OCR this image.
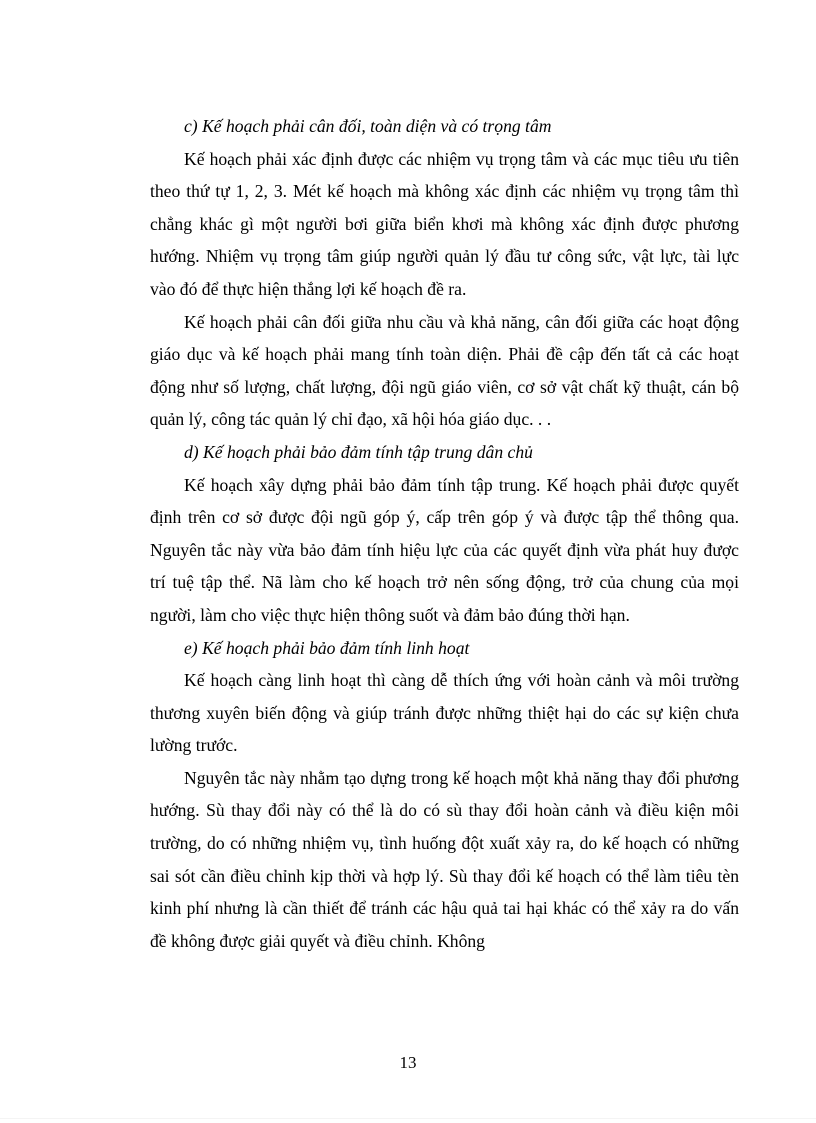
c) Kế hoạch phải cân đối, toàn diện và có trọng tâm

Kế hoạch phải xác định được các nhiệm vụ trọng tâm và các mục tiêu ưu tiên theo thứ tự 1, 2, 3. Mét kế hoạch mà không xác định các nhiệm vụ trọng tâm thì chẳng khác gì một người bơi giữa biển khơi mà không xác định được phương hướng. Nhiệm vụ trọng tâm giúp người quản lý đầu tư công sức, vật lực, tài lực vào đó để thực hiện thắng lợi kế hoạch đề ra.

Kế hoạch phải cân đối giữa nhu cầu và khả năng, cân đối giữa các hoạt động giáo dục và kế hoạch phải mang tính toàn diện. Phải đề cập đến tất cả các hoạt động như số lượng, chất lượng, đội ngũ giáo viên, cơ sở vật chất kỹ thuật, cán bộ quản lý, công tác quản lý chỉ đạo, xã hội hóa giáo dục. . .

d) Kế hoạch phải bảo đảm tính tập trung dân chủ

Kế hoạch xây dựng phải bảo đảm tính tập trung. Kế hoạch phải được quyết định trên cơ sở được đội ngũ góp ý, cấp trên góp ý và được tập thể thông qua. Nguyên tắc này vừa bảo đảm tính hiệu lực của các quyết định vừa phát huy được trí tuệ tập thể. Nã làm cho kế hoạch trở nên sống động, trở của chung của mọi người, làm cho việc thực hiện thông suốt và đảm bảo đúng thời hạn.

e) Kế hoạch phải bảo đảm tính linh hoạt

Kế hoạch càng linh hoạt thì càng dễ thích ứng với hoàn cảnh và môi trường thương xuyên biến động và giúp tránh được những thiệt hại do các sự kiện chưa lường trước.

Nguyên tắc này nhằm tạo dựng trong kế hoạch một khả năng thay đổi phương hướng. Sù thay đổi này có thể là do có sù thay đổi hoàn cảnh và điều kiện môi trường, do có những nhiệm vụ, tình huống đột xuất xảy ra, do kế hoạch có những sai sót cần điều chỉnh kịp thời và hợp lý. Sù thay đổi kế hoạch có thể làm tiêu tèn kinh phí nhưng là cần thiết để tránh các hậu quả tai hại khác có thể xảy ra do vấn đề không được giải quyết và điều chỉnh. Không

13
